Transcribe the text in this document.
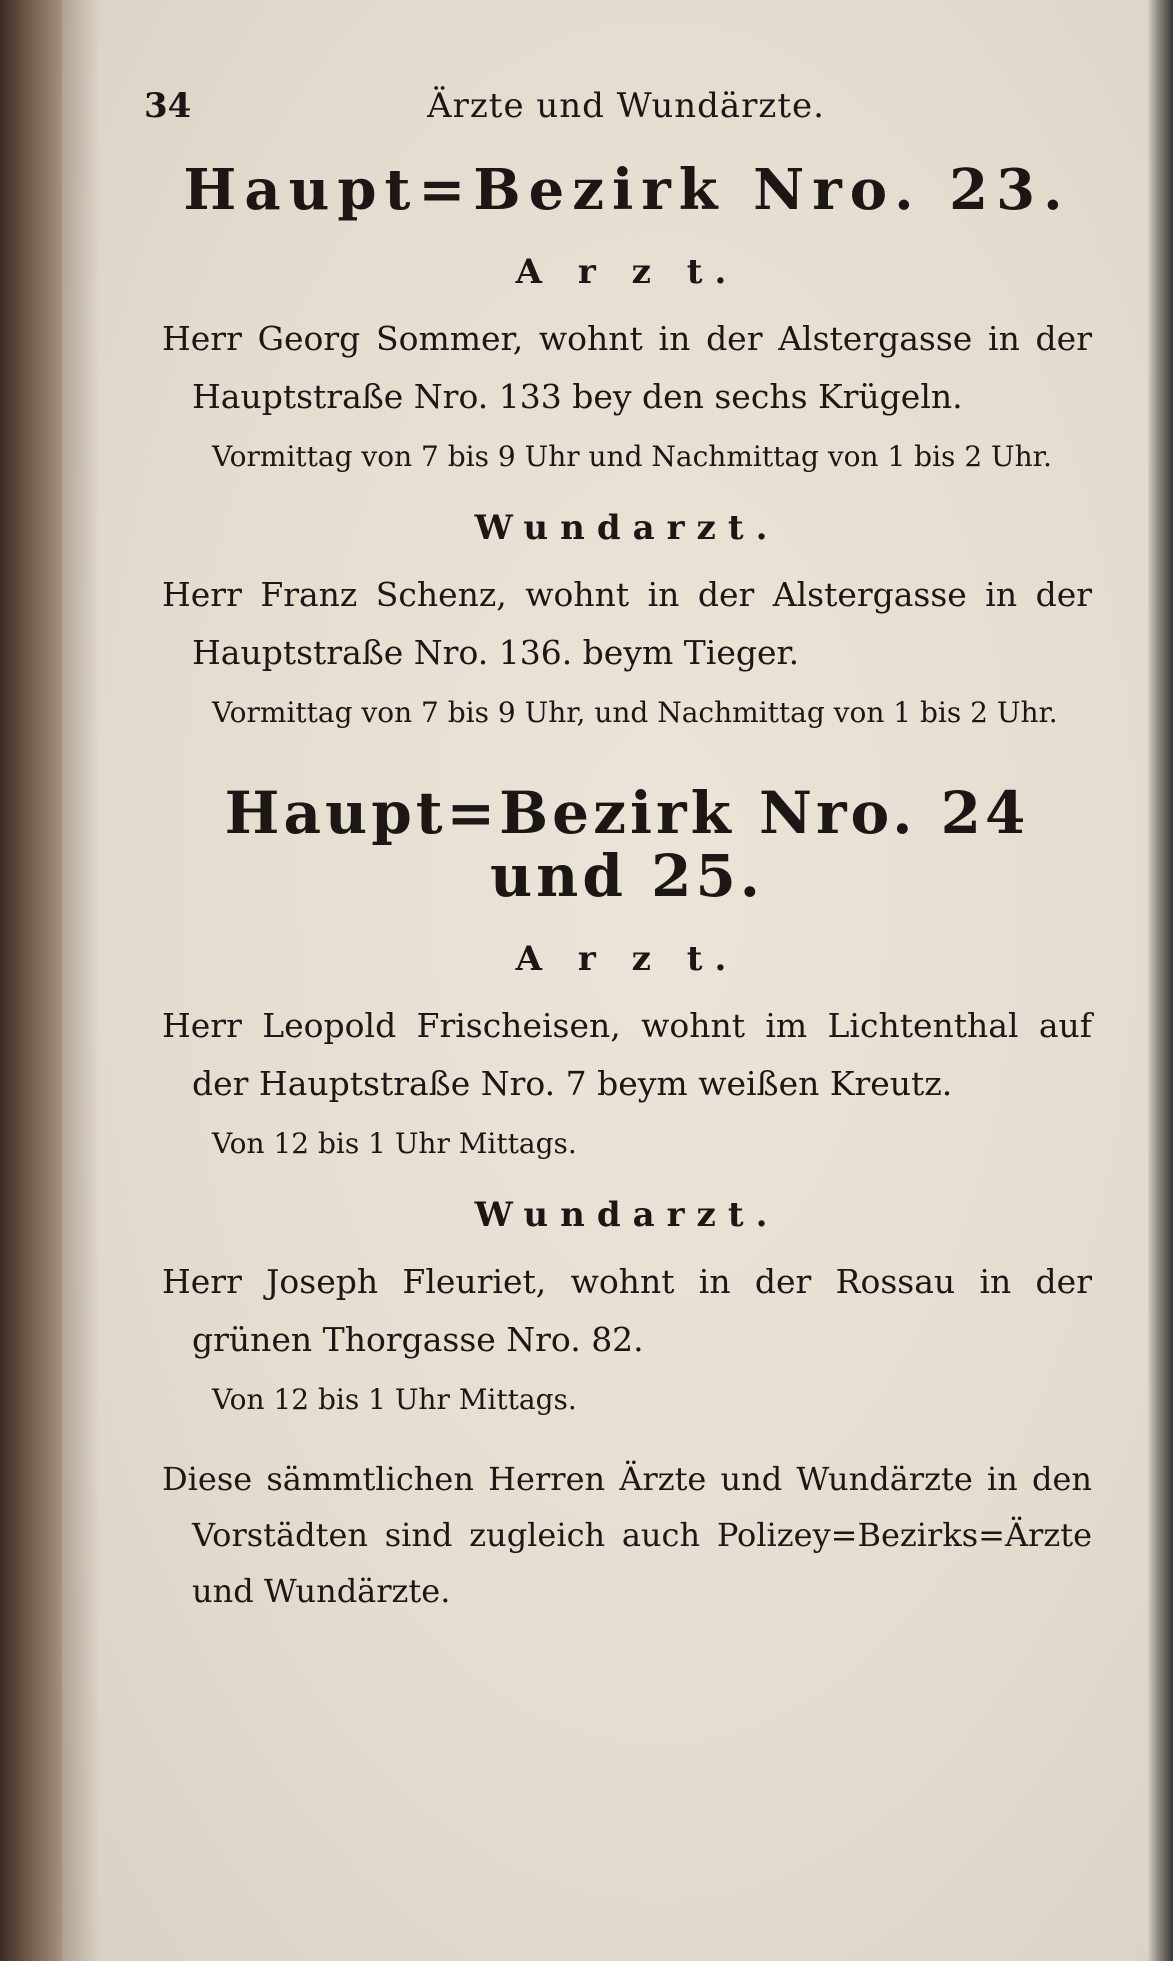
34	Ärzte und Wundärzte.
Haupt=Bezirk Nro. 23.
A r z t.

Herr Georg Sommer, wohnt in der Alstergasse in der Hauptstraße Nro. 133 bey den sechs Krügeln.

Vormittag von 7 bis 9 Uhr und Nachmittag von 1 bis 2 Uhr.

Wundarzt.

Herr Franz Schenz, wohnt in der Alstergasse in der Hauptstraße Nro. 136. beym Tieger.

Vormittag von 7 bis 9 Uhr, und Nachmittag von 1 bis 2 Uhr.

Haupt=Bezirk Nro. 24 und 25.
A r z t.

Herr Leopold Frischeisen, wohnt im Lichtenthal auf der Hauptstraße Nro. 7 beym weißen Kreutz.

Von 12 bis 1 Uhr Mittags.

Wundarzt.

Herr Joseph Fleuriet, wohnt in der Rossau in der grünen Thorgasse Nro. 82.

Von 12 bis 1 Uhr Mittags.

Diese sämmtlichen Herren Ärzte und Wundärzte in den Vorstädten sind zugleich auch Polizey=Bezirks=Ärzte und Wundärzte.
